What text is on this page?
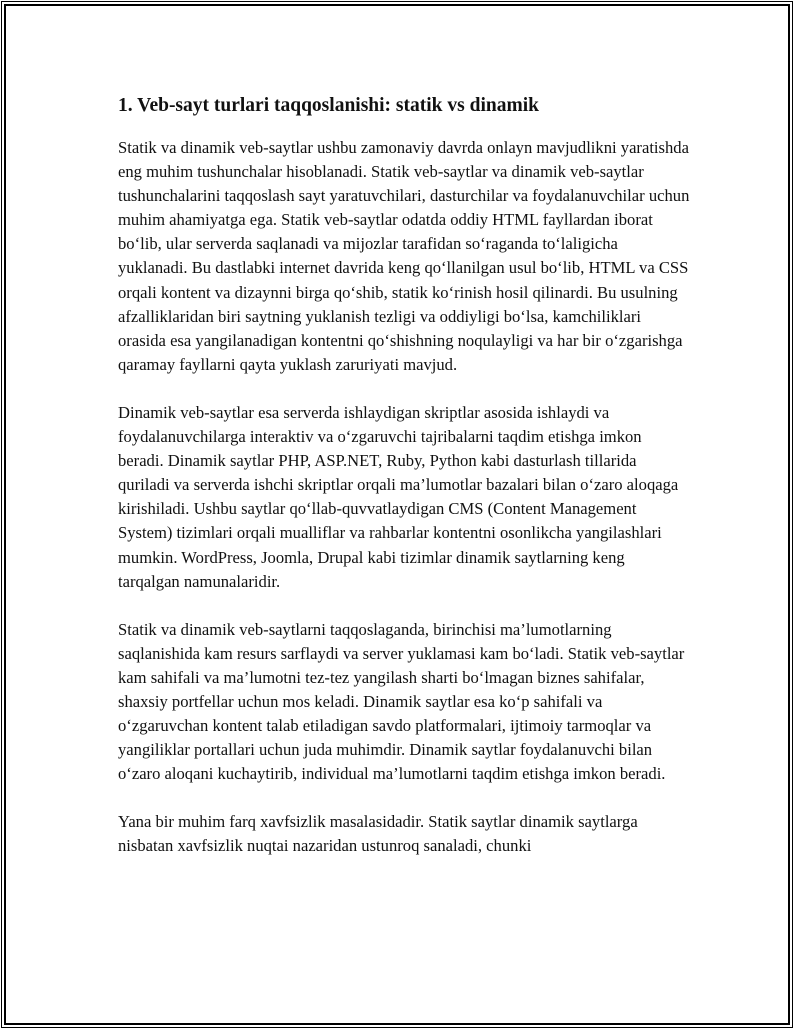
1. Veb-sayt turlari taqqoslanishi: statik vs dinamik

Statik va dinamik veb-saytlar ushbu zamonaviy davrda onlayn mavjudlikni yaratishda eng muhim tushunchalar hisoblanadi. Statik veb-saytlar va dinamik veb-saytlar tushunchalarini taqqoslash sayt yaratuvchilari, dasturchilar va foydalanuvchilar uchun muhim ahamiyatga ega. Statik veb-saytlar odatda oddiy HTML fayllardan iborat bo‘lib, ular serverda saqlanadi va mijozlar tarafidan so‘raganda to‘laligicha yuklanadi. Bu dastlabki internet davrida keng qo‘llanilgan usul bo‘lib, HTML va CSS orqali kontent va dizaynni birga qo‘shib, statik ko‘rinish hosil qilinardi. Bu usulning afzalliklaridan biri saytning yuklanish tezligi va oddiyligi bo‘lsa, kamchiliklari orasida esa yangilanadigan kontentni qo‘shishning noqulayligi va har bir o‘zgarishga qaramay fayllarni qayta yuklash zaruriyati mavjud.

Dinamik veb-saytlar esa serverda ishlaydigan skriptlar asosida ishlaydi va foydalanuvchilarga interaktiv va o‘zgaruvchi tajribalarni taqdim etishga imkon beradi. Dinamik saytlar PHP, ASP.NET, Ruby, Python kabi dasturlash tillarida quriladi va serverda ishchi skriptlar orqali ma’lumotlar bazalari bilan o‘zaro aloqaga kirishiladi. Ushbu saytlar qo‘llab-quvvatlaydigan CMS (Content Management System) tizimlari orqali mualliflar va rahbarlar kontentni osonlikcha yangilashlari mumkin. WordPress, Joomla, Drupal kabi tizimlar dinamik saytlarning keng tarqalgan namunalaridir.

Statik va dinamik veb-saytlarni taqqoslaganda, birinchisi ma’lumotlarning saqlanishida kam resurs sarflaydi va server yuklamasi kam bo‘ladi. Statik veb-saytlar kam sahifali va ma’lumotni tez-tez yangilash sharti bo‘lmagan biznes sahifalar, shaxsiy portfellar uchun mos keladi. Dinamik saytlar esa ko‘p sahifali va o‘zgaruvchan kontent talab etiladigan savdo platformalari, ijtimoiy tarmoqlar va yangiliklar portallari uchun juda muhimdir. Dinamik saytlar foydalanuvchi bilan o‘zaro aloqani kuchaytirib, individual ma’lumotlarni taqdim etishga imkon beradi.

Yana bir muhim farq xavfsizlik masalasidadir. Statik saytlar dinamik saytlarga nisbatan xavfsizlik nuqtai nazaridan ustunroq sanaladi, chunki
